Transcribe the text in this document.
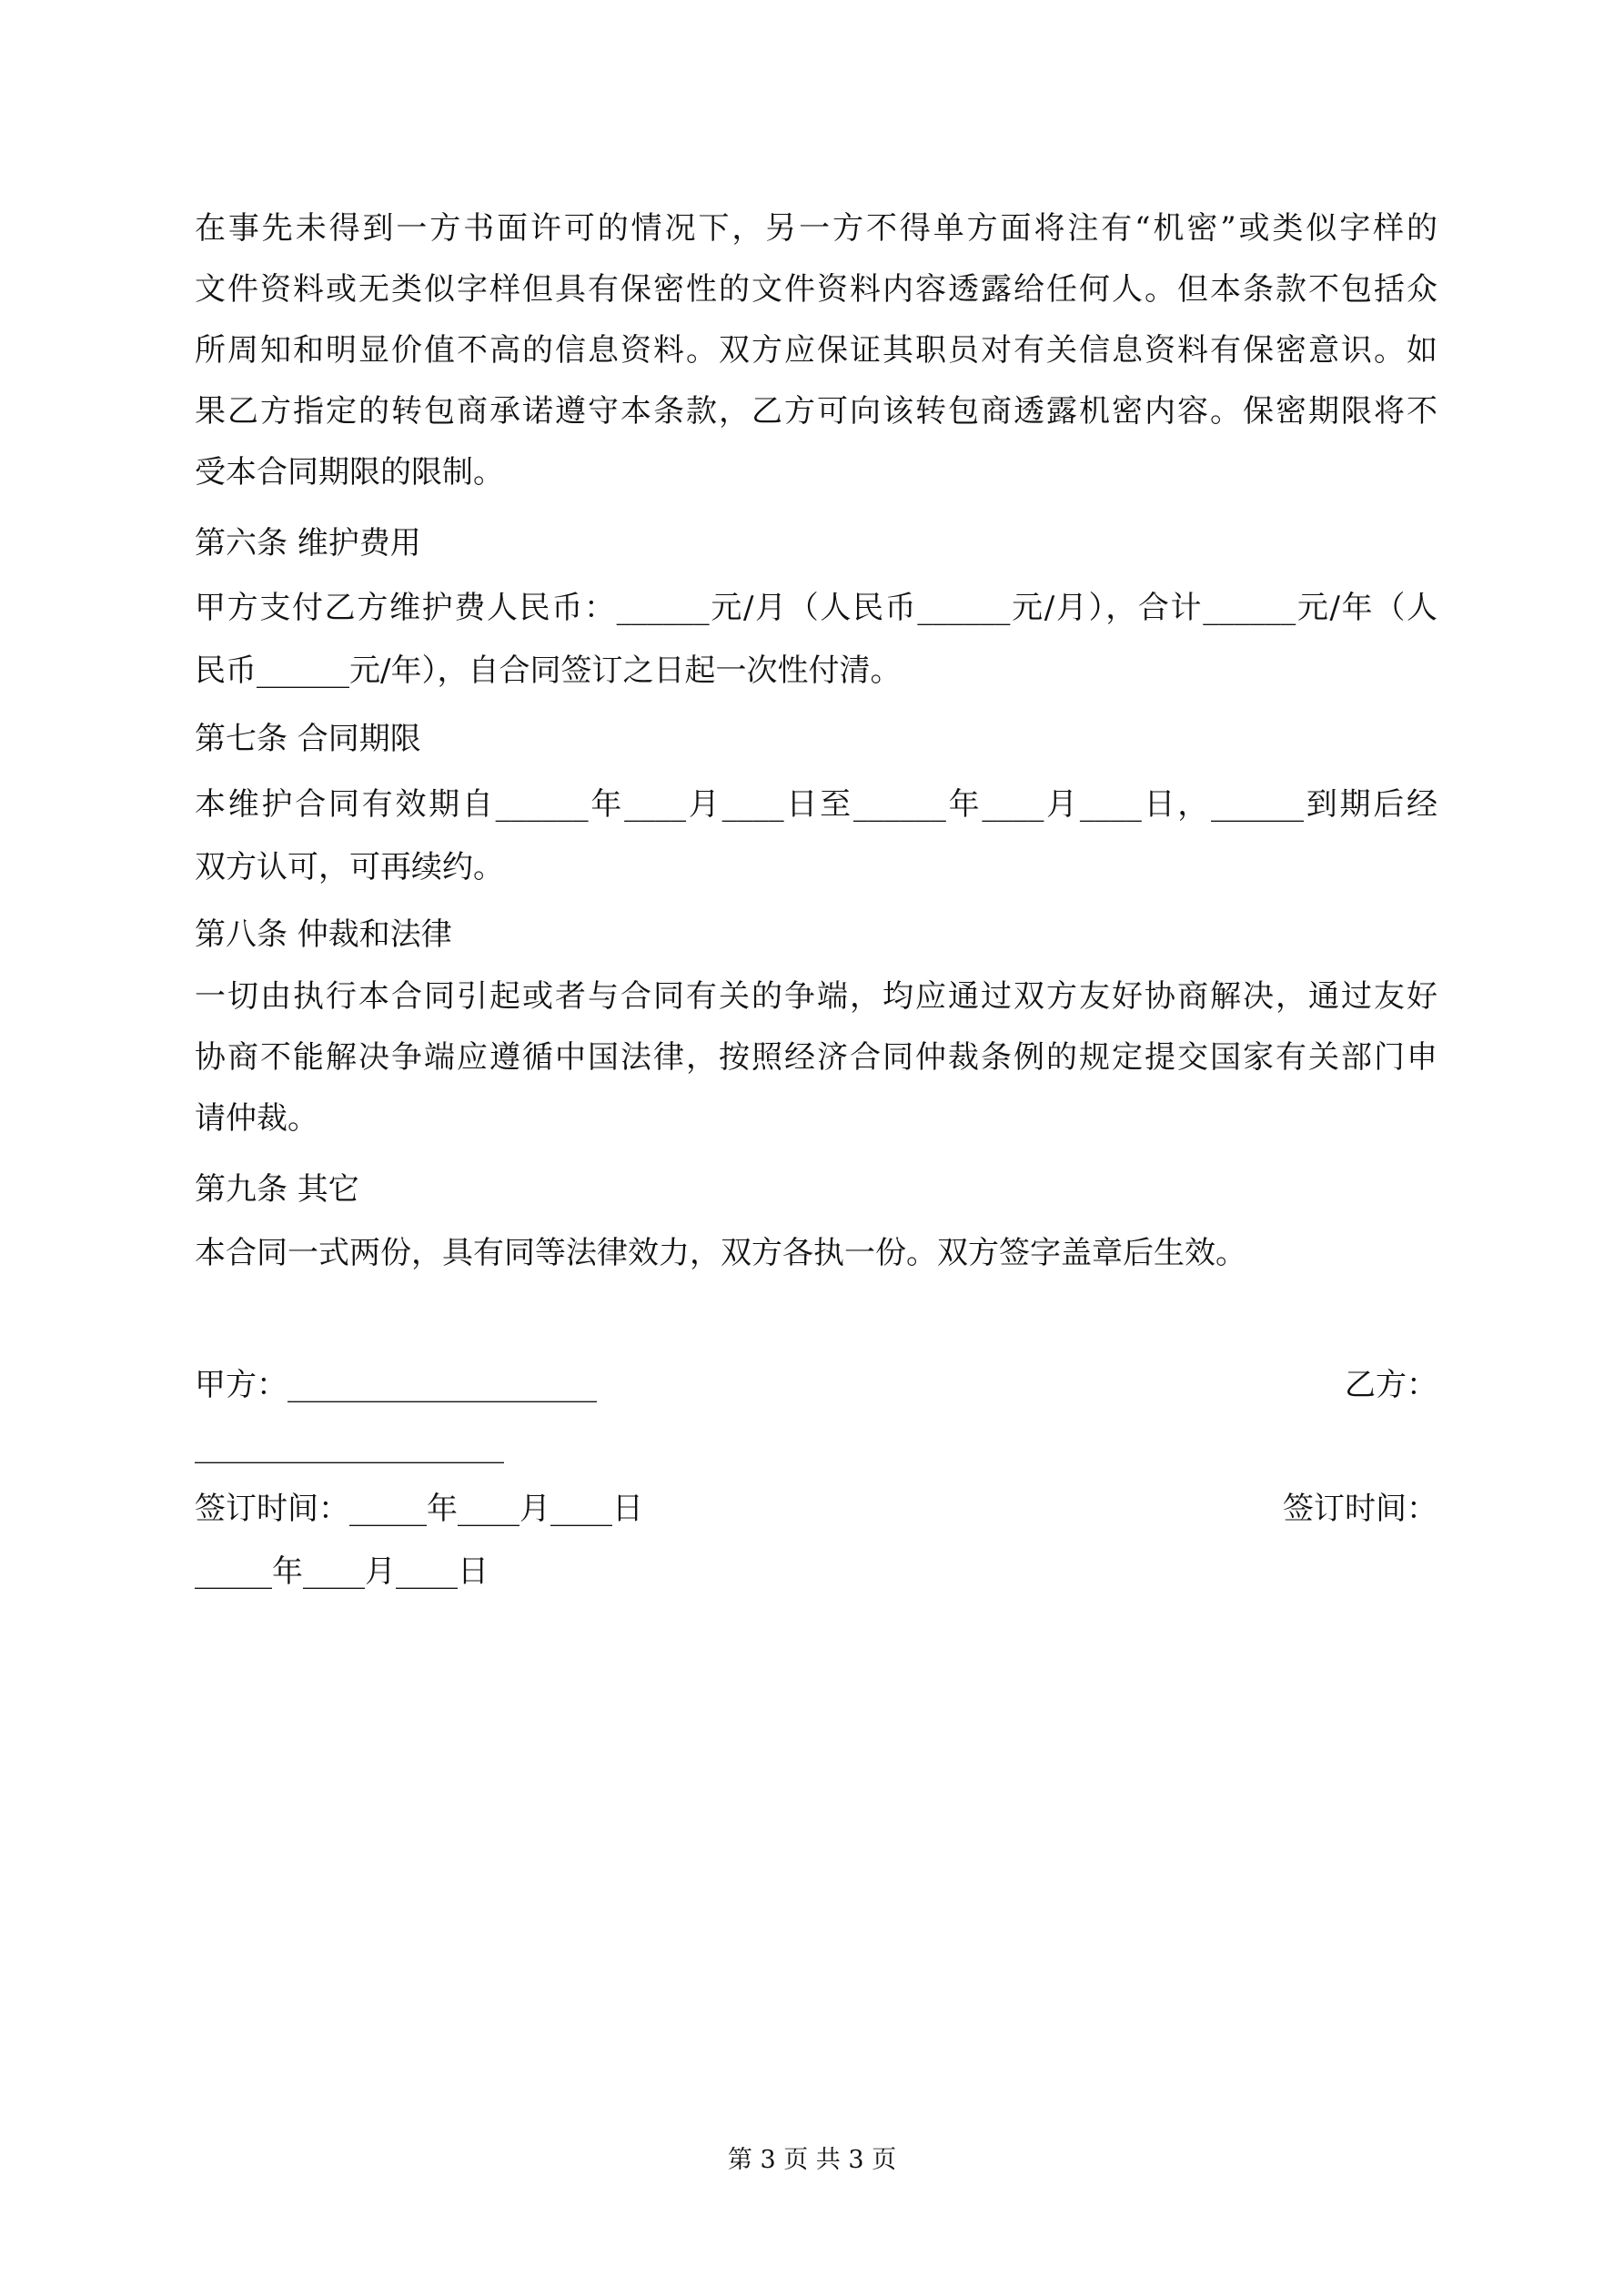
在事先未得到一方书面许可的情况下，另一方不得单方面将注有“机密”或类似字样的
文件资料或无类似字样但具有保密性的文件资料内容透露给任何人。但本条款不包括众
所周知和明显价值不高的信息资料。双方应保证其职员对有关信息资料有保密意识。如
果乙方指定的转包商承诺遵守本条款，乙方可向该转包商透露机密内容。保密期限将不
受本合同期限的限制。
第六条 维护费用
甲方支付乙方维护费人民币：______元/月（人民币______元/月），合计______元/年（人
民币______元/年），自合同签订之日起一次性付清。
第七条 合同期限
本维护合同有效期自______年____月____日至______年____月____日，______到期后经
双方认可，可再续约。
第八条 仲裁和法律
一切由执行本合同引起或者与合同有关的争端，均应通过双方友好协商解决，通过友好
协商不能解决争端应遵循中国法律，按照经济合同仲裁条例的规定提交国家有关部门申
请仲裁。
第九条 其它
本合同一式两份，具有同等法律效力，双方各执一份。双方签字盖章后生效。
甲方：____________________	乙方：
____________________
签订时间：_____年____月____日	签订时间：
_____年____月____日
第 3 页 共 3 页
